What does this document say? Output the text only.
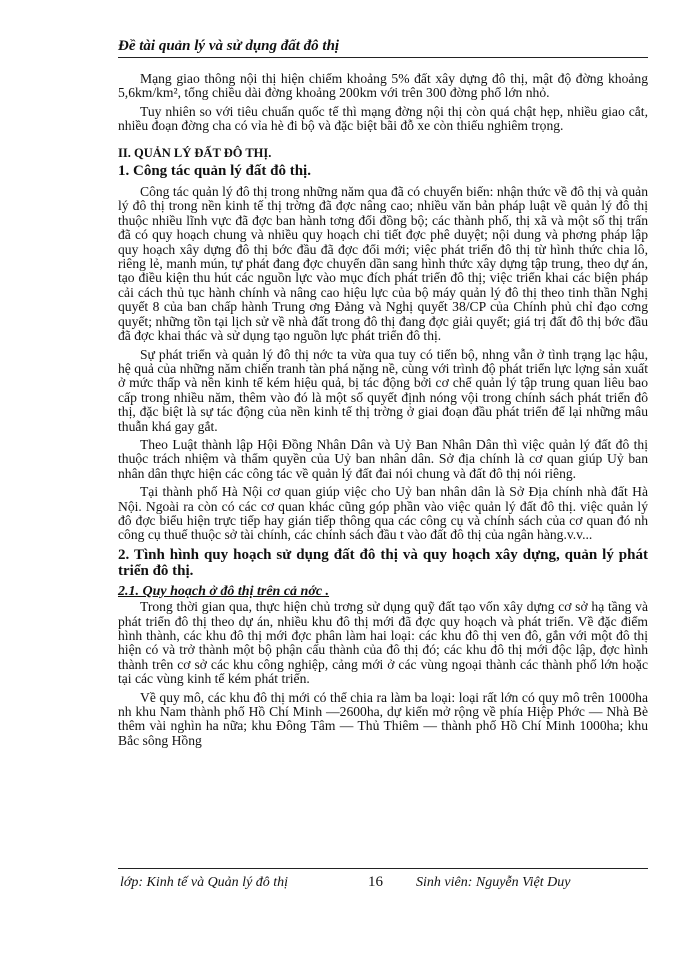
Đề tài quản lý và sử dụng đất đô thị

Mạng giao thông nội thị hiện chiếm khoảng 5% đất xây dựng đô thị, mật độ đờng khoảng 5,6km/km², tổng chiều dài đờng khoảng 200km với trên 300 đờng phố lớn nhỏ.

Tuy nhiên so với tiêu chuẩn quốc tế thì mạng đờng nội thị còn quá chật hẹp, nhiều giao cắt, nhiều đoạn đờng cha có vỉa hè đi bộ và đặc biệt bãi đỗ xe còn thiếu nghiêm trọng.

II. QUẢN LÝ ĐẤT ĐÔ THỊ.
1. Công tác quản lý đất đô thị.

Công tác quản lý đô thị trong những năm qua đã có chuyển biến: nhận thức về đô thị và quản lý đô thị trong nền kinh tế thị trờng đã đợc nâng cao; nhiều văn bản pháp luật về quản lý đô thị thuộc nhiều lĩnh vực đã đợc ban hành tơng đối đồng bộ; các thành phố, thị xã và một số thị trấn đã có quy hoạch chung và nhiều quy hoạch chi tiết đợc phê duyệt; nội dung và phơng pháp lập quy hoạch xây dựng đô thị bớc đầu đã đợc đổi mới; việc phát triển đô thị từ hình thức chia lô, riêng lẻ, manh mún, tự phát đang đợc chuyển dần sang hình thức xây dựng tập trung, theo dự án, tạo điều kiện thu hút các nguồn lực vào mục đích phát triển đô thị; việc triển khai các biện pháp cải cách thủ tục hành chính và nâng cao hiệu lực của bộ máy quản lý đô thị theo tinh thần Nghị quyết 8 của ban chấp hành Trung ơng Đảng và Nghị quyết 38/CP của Chính phủ chỉ đạo cơng quyết; những tồn tại lịch sử về nhà đất trong đô thị đang đợc giải quyết; giá trị đất đô thị bớc đầu đã đợc khai thác và sử dụng tạo nguồn lực phát triển đô thị.

Sự phát triển và quản lý đô thị nớc ta vừa qua tuy có tiến bộ, nhng vẫn ở tình trạng lạc hậu, hệ quả của những năm chiến tranh tàn phá nặng nề, cùng với trình độ phát triển lực lợng sản xuất ở mức thấp và nền kinh tế kém hiệu quả, bị tác động bởi cơ chế quản lý tập trung quan liêu bao cấp trong nhiều năm, thêm vào đó là một số quyết định nóng vội trong chính sách phát triển đô thị, đặc biệt là sự tác động của nền kinh tế thị trờng ở giai đoạn đầu phát triển để lại những mâu thuẫn khá gay gắt.

Theo Luật thành lập Hội Đồng Nhân Dân và Uỷ Ban Nhân Dân thì việc quản lý đất đô thị thuộc trách nhiệm và thẩm quyền của Uỷ ban nhân dân. Sở địa chính là cơ quan giúp Uỷ ban nhân dân thực hiện các công tác về quản lý đất đai nói chung và đất đô thị nói riêng.

Tại thành phố Hà Nội cơ quan giúp việc cho Uỷ ban nhân dân là Sở Địa chính nhà đất Hà Nội. Ngoài ra còn có các cơ quan khác cũng góp phần vào việc quản lý đất đô thị. việc quản lý đô đợc biểu hiện trực tiếp hay gián tiếp thông qua các công cụ và chính sách của cơ quan đó nh công cụ thuế thuộc sở tài chính, các chính sách đầu t vào đất đô thị của ngân hàng.v.v...

2. Tình hình quy hoạch sử dụng đất đô thị và quy hoạch xây dựng, quản lý phát triển đô thị.
2.1. Quy hoạch ở đô thị trên cả nớc .

Trong thời gian qua, thực hiện chủ trơng sử dụng quỹ đất tạo vốn xây dựng cơ sở hạ tầng và phát triển đô thị theo dự án, nhiều khu đô thị mới đã đợc quy hoạch và phát triển. Về đặc điểm hình thành, các khu đô thị mới đợc phân làm hai loại: các khu đô thị ven đô, gắn với một đô thị hiện có và trở thành một bộ phận cấu thành của đô thị đó; các khu đô thị mới độc lập, đợc hình thành trên cơ sở các khu công nghiệp, cảng mới ở các vùng ngoại thành các thành phố lớn hoặc tại các vùng kinh tế kém phát triển.

Về quy mô, các khu đô thị mới có thể chia ra làm ba loại: loại rất lớn có quy mô trên 1000ha nh khu Nam thành phố Hồ Chí Minh —2600ha, dự kiến mở rộng về phía Hiệp Phớc — Nhà Bè thêm vài nghìn ha nữa; khu Đông Tâm — Thủ Thiêm — thành phố Hồ Chí Minh 1000ha; khu Bắc sông Hồng

lớp: Kinh tế và Quản lý đô thị	16 Sinh viên: Nguyễn Việt Duy
